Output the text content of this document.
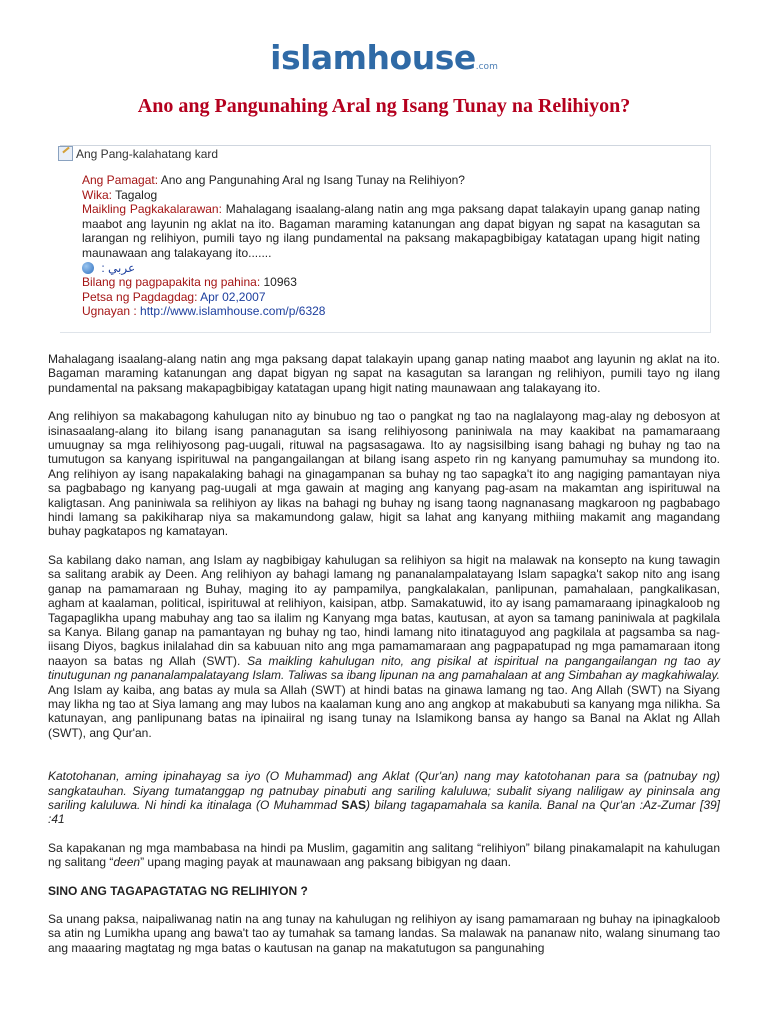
islamhouse.com
Ano ang Pangunahing Aral ng Isang Tunay na Relihiyon?
Ang Pang-kalahatang kard
Ang Pamagat: Ano ang Pangunahing Aral ng Isang Tunay na Relihiyon?
Wika: Tagalog
Maikling Pagkakalarawan: Mahalagang isaalang-alang natin ang mga paksang dapat talakayin upang ganap nating maabot ang layunin ng aklat na ito. Bagaman maraming katanungan ang dapat bigyan ng sapat na kasagutan sa larangan ng relihiyon, pumili tayo ng ilang pundamental na paksang makapagbibigay katatagan upang higit nating maunawaan ang talakayang ito.......
عربي :
Bilang ng pagpapakita ng pahina: 10963
Petsa ng Pagdagdag: Apr 02,2007
Ugnayan : http://www.islamhouse.com/p/6328

Mahalagang isaalang-alang natin ang mga paksang dapat talakayin upang ganap nating maabot ang layunin ng aklat na ito. Bagaman maraming katanungan ang dapat bigyan ng sapat na kasagutan sa larangan ng relihiyon, pumili tayo ng ilang pundamental na paksang makapagbibigay katatagan upang higit nating maunawaan ang talakayang ito.

Ang relihiyon sa makabagong kahulugan nito ay binubuo ng tao o pangkat ng tao na naglalayong mag-alay ng debosyon at isinasaalang-alang ito bilang isang pananagutan sa isang relihiyosong paniniwala na may kaakibat na pamamaraang umuugnay sa mga relihiyosong pag-uugali, rituwal na pagsasagawa. Ito ay nagsisilbing isang bahagi ng buhay ng tao na tumutugon sa kanyang ispirituwal na pangangailangan at bilang isang aspeto rin ng kanyang pamumuhay sa mundong ito. Ang relihiyon ay isang napakalaking bahagi na ginagampanan sa buhay ng tao sapagka't ito ang nagiging pamantayan niya sa pagbabago ng kanyang pag-uugali at mga gawain at maging ang kanyang pag-asam na makamtan ang ispirituwal na kaligtasan. Ang paniniwala sa relihiyon ay likas na bahagi ng buhay ng isang taong nagnanasang magkaroon ng pagbabago hindi lamang sa pakikiharap niya sa makamundong galaw, higit sa lahat ang kanyang mithiing makamit ang magandang buhay pagkatapos ng kamatayan.

Sa kabilang dako naman, ang Islam ay nagbibigay kahulugan sa relihiyon sa higit na malawak na konsepto na kung tawagin sa salitang arabik ay Deen. Ang relihiyon ay bahagi lamang ng pananalampalatayang Islam sapagka't sakop nito ang isang ganap na pamamaraan ng Buhay, maging ito ay pampamilya, pangkalakalan, panlipunan, pamahalaan, pangkalikasan, agham at kaalaman, political, ispirituwal at relihiyon, kaisipan, atbp. Samakatuwid, ito ay isang pamamaraang ipinagkaloob ng Tagapaglikha upang mabuhay ang tao sa ilalim ng Kanyang mga batas, kautusan, at ayon sa tamang paniniwala at pagkilala sa Kanya. Bilang ganap na pamantayan ng buhay ng tao, hindi lamang nito itinataguyod ang pagkilala at pagsamba sa nag-iisang Diyos, bagkus inilalahad din sa kabuuan nito ang mga pamamamaraan ang pagpapatupad ng mga pamamaraan itong naayon sa batas ng Allah (SWT). Sa maikling kahulugan nito, ang pisikal at ispiritual na pangangailangan ng tao ay tinutugunan ng pananalampalatayang Islam. Taliwas sa ibang lipunan na ang pamahalaan at ang Simbahan ay magkahiwalay. Ang Islam ay kaiba, ang batas ay mula sa Allah (SWT) at hindi batas na ginawa lamang ng tao. Ang Allah (SWT) na Siyang may likha ng tao at Siya lamang ang may lubos na kaalaman kung ano ang angkop at makabubuti sa kanyang mga nilikha. Sa katunayan, ang panlipunang batas na ipinaiiral ng isang tunay na Islamikong bansa ay hango sa Banal na Aklat ng Allah (SWT), ang Qur'an.

Katotohanan, aming ipinahayag sa iyo (O Muhammad) ang Aklat (Qur'an) nang may katotohanan para sa (patnubay ng) sangkatauhan. Siyang tumatanggap ng patnubay pinabuti ang sariling kaluluwa; subalit siyang naliligaw ay pininsala ang sariling kaluluwa. Ni hindi ka itinalaga (O Muhammad SAS) bilang tagapamahala sa kanila. Banal na Qur'an :Az-Zumar [39] :41

Sa kapakanan ng mga mambabasa na hindi pa Muslim, gagamitin ang salitang “relihiyon” bilang pinakamalapit na kahulugan ng salitang “deen” upang maging payak at maunawaan ang paksang bibigyan ng daan.

SINO ANG TAGAPAGTATAG NG RELIHIYON ?

Sa unang paksa, naipaliwanag natin na ang tunay na kahulugan ng relihiyon ay isang pamamaraan ng buhay na ipinagkaloob sa atin ng Lumikha upang ang bawa't tao ay tumahak sa tamang landas. Sa malawak na pananaw nito, walang sinumang tao ang maaaring magtatag ng mga batas o kautusan na ganap na makatutugon sa pangunahing
